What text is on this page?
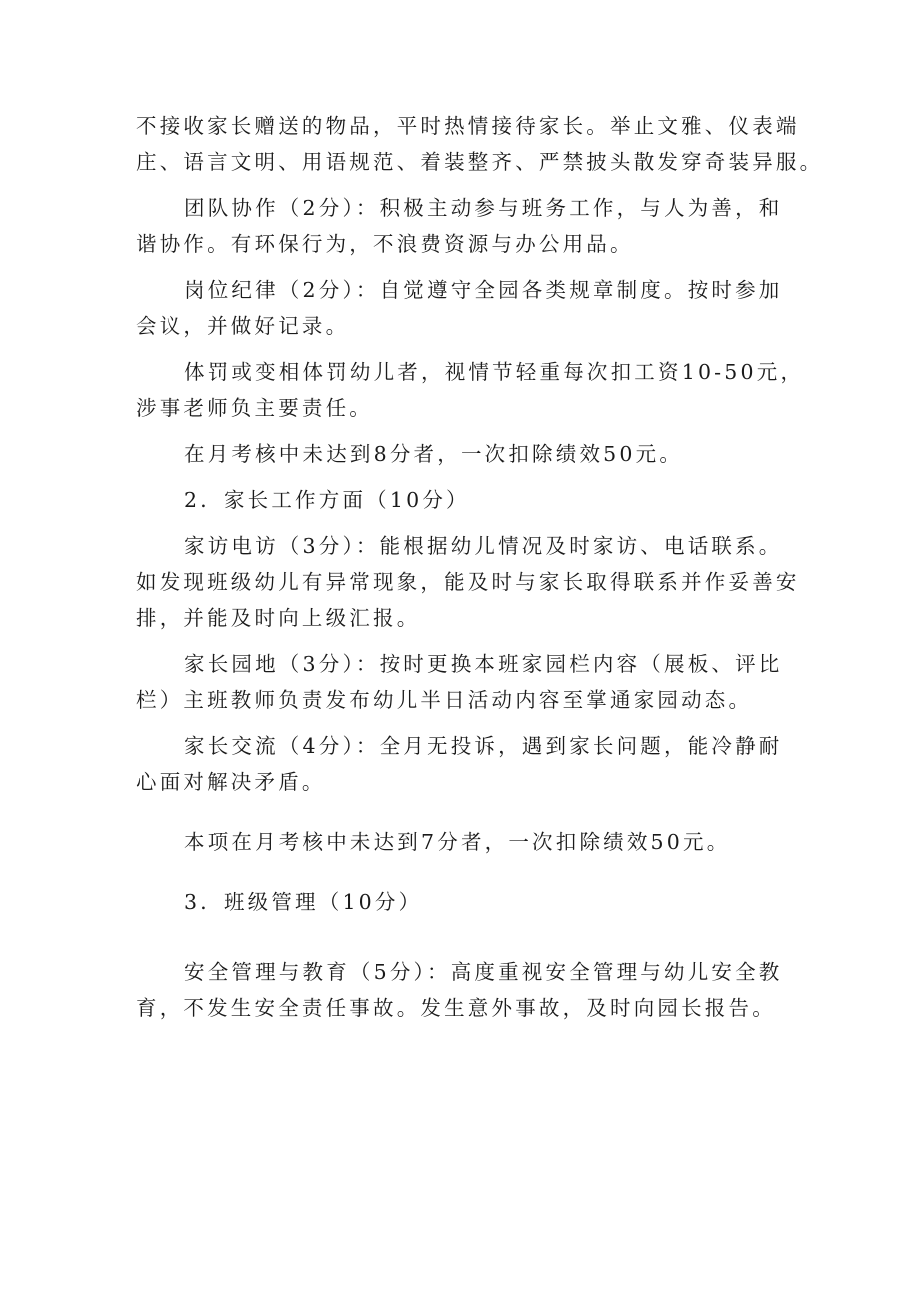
不接收家长赠送的物品，平时热情接待家长。举止文雅、仪表端
庄、语言文明、用语规范、着装整齐、严禁披头散发穿奇装异服。
团队协作（2分）：积极主动参与班务工作，与人为善，和
谐协作。有环保行为，不浪费资源与办公用品。
岗位纪律（2分）：自觉遵守全园各类规章制度。按时参加
会议，并做好记录。
体罚或变相体罚幼儿者，视情节轻重每次扣工资10-50元，
涉事老师负主要责任。
在月考核中未达到8分者，一次扣除绩效50元。
2．家长工作方面（10分）
家访电访（3分）：能根据幼儿情况及时家访、电话联系。
如发现班级幼儿有异常现象，能及时与家长取得联系并作妥善安
排，并能及时向上级汇报。
家长园地（3分）：按时更换本班家园栏内容（展板、评比
栏）主班教师负责发布幼儿半日活动内容至掌通家园动态。
家长交流（4分）：全月无投诉，遇到家长问题，能冷静耐
心面对解决矛盾。
本项在月考核中未达到7分者，一次扣除绩效50元。
3．班级管理（10分）
安全管理与教育（5分）：高度重视安全管理与幼儿安全教
育，不发生安全责任事故。发生意外事故，及时向园长报告。
